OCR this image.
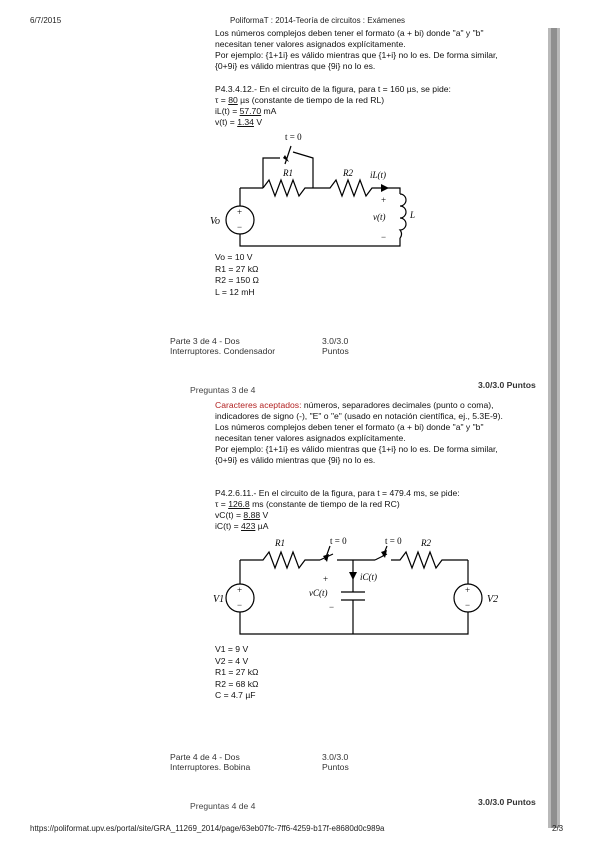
6/7/2015	PoliformaT : 2014-Teoría de circuitos : Exámenes
Los números complejos deben tener el formato (a + bi) donde "a" y "b"
necesitan tener valores asignados explícitamente.
Por ejemplo: {1+1i} es válido mientras que {1+i} no lo es. De forma similar,
{0+9i} es válido mientras que {9i} no lo es.
P4.3.4.12.- En el circuito de la figura, para t = 160 µs, se pide:
τ = 80 µs (constante de tiempo de la red RL)
iL(t) = 57.70 mA
v(t) = 1.34 V
+
−
t = 0
R1	R2 iL(t)
+
v(t)
−
L
Vo
Vo = 10 V
R1 = 27 kΩ
R2 = 150 Ω
L = 12 mH
Parte 3 de 4 - Dos
Interruptores. Condensador
3.0/3.0
Puntos
Preguntas 3 de 4	3.0/3.0 Puntos
Caracteres aceptados: números, separadores decimales (punto o coma),
indicadores de signo (-), "E" o "e" (usado en notación científica, ej., 5.3E-9).
Los números complejos deben tener el formato (a + bi) donde "a" y "b"
necesitan tener valores asignados explícitamente.
Por ejemplo: {1+1i} es válido mientras que {1+i} no lo es. De forma similar,
{0+9i} es válido mientras que {9i} no lo es.
P4.2.6.11.- En el circuito de la figura, para t = 479.4 ms, se pide:
τ = 126.8 ms (constante de tiempo de la red RC)
vC(t) = 8.88 V
iC(t) = 423 µA
+
−
+
−
t = 0	t = 0
R1	R2
iC(t)
vC(t)
+
−
V1	V2
V1 = 9 V
V2 = 4 V
R1 = 27 kΩ
R2 = 68 kΩ
C = 4.7 µF
Parte 4 de 4 - Dos
Interruptores. Bobina
3.0/3.0
Puntos
Preguntas 4 de 4	3.0/3.0 Puntos
https://poliformat.upv.es/portal/site/GRA_11269_2014/page/63eb07fc-7ff6-4259-b17f-e8680d0c989a	2/3
